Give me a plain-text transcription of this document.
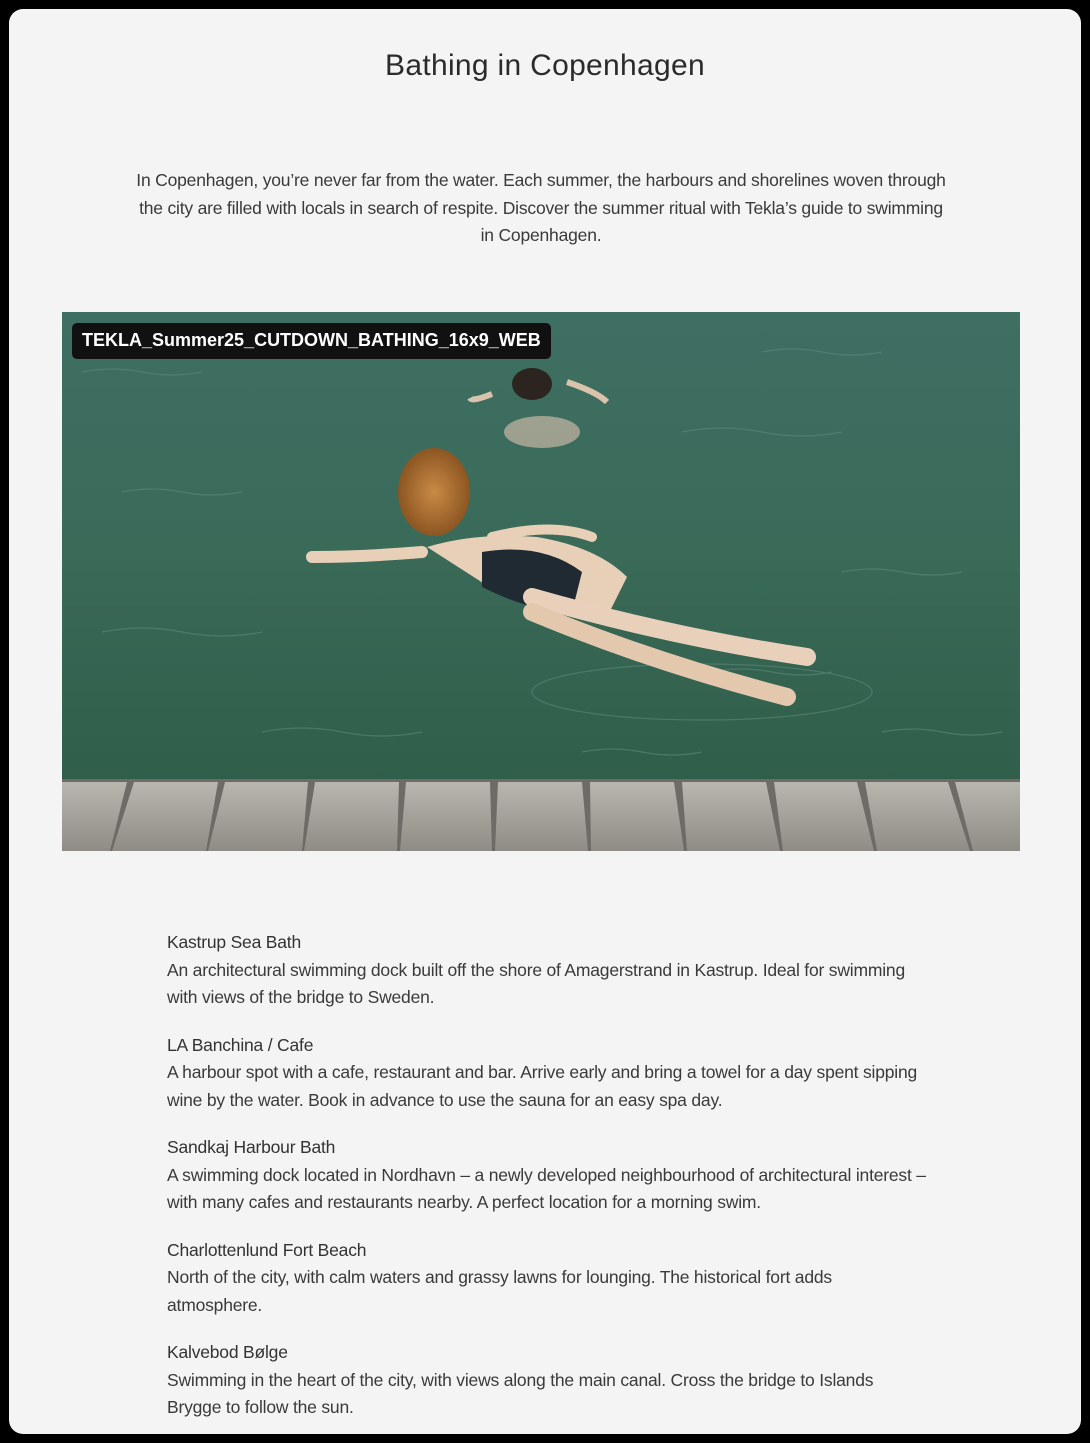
Bathing in Copenhagen

In Copenhagen, you’re never far from the water. Each summer, the harbours and shorelines woven through the city are filled with locals in search of respite. Discover the summer ritual with Tekla’s guide to swimming in Copenhagen.

TEKLA_Summer25_CUTDOWN_BATHING_16x9_WEB
Kastrup Sea Bath
An architectural swimming dock built off the shore of Amagerstrand in Kastrup. Ideal for swimming with views of the bridge to Sweden.
LA Banchina / Cafe
A harbour spot with a cafe, restaurant and bar. Arrive early and bring a towel for a day spent sipping wine by the water. Book in advance to use the sauna for an easy spa day.
Sandkaj Harbour Bath
A swimming dock located in Nordhavn – a newly developed neighbourhood of architectural interest – with many cafes and restaurants nearby. A perfect location for a morning swim.
Charlottenlund Fort Beach
North of the city, with calm waters and grassy lawns for lounging. The historical fort adds atmosphere.
Kalvebod Bølge
Swimming in the heart of the city, with views along the main canal. Cross the bridge to Islands Brygge to follow the sun.
